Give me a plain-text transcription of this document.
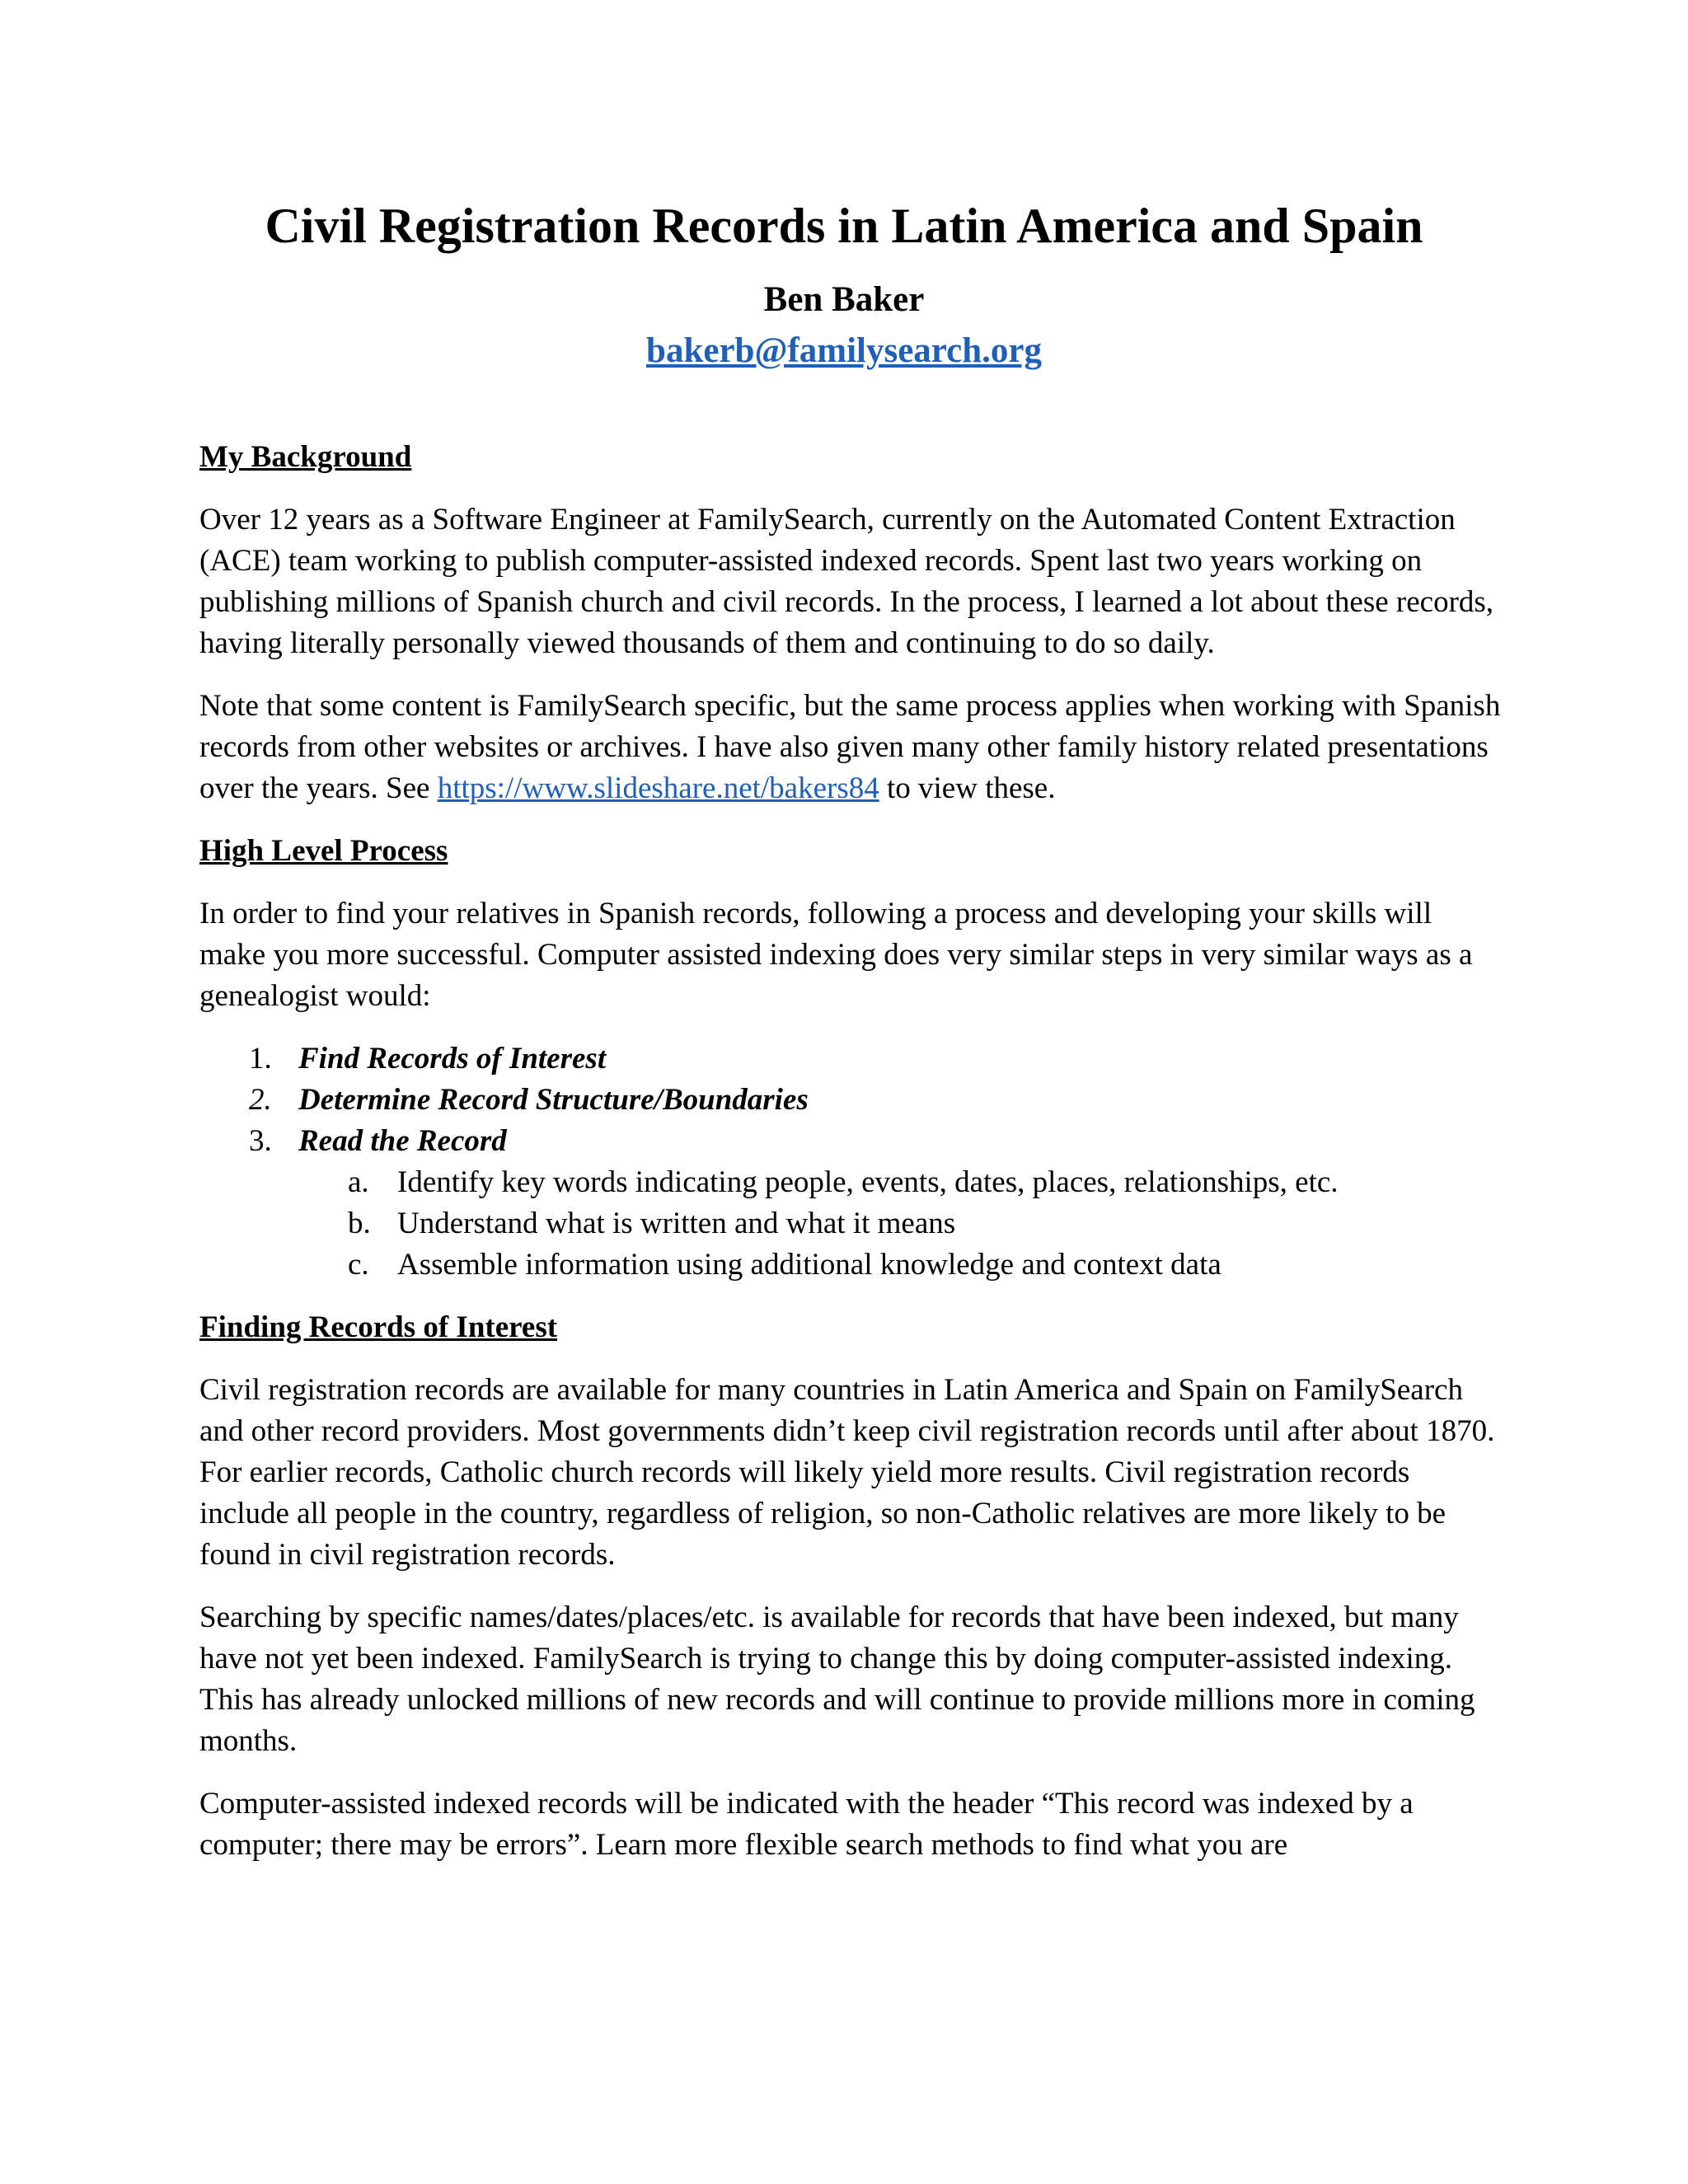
Civil Registration Records in Latin America and Spain
Ben Baker
bakerb@familysearch.org
My Background

Over 12 years as a Software Engineer at FamilySearch, currently on the Automated Content Extraction (ACE) team working to publish computer-assisted indexed records. Spent last two years working on publishing millions of Spanish church and civil records. In the process, I learned a lot about these records, having literally personally viewed thousands of them and continuing to do so daily.

Note that some content is FamilySearch specific, but the same process applies when working with Spanish records from other websites or archives. I have also given many other family history related presentations over the years. See https://www.slideshare.net/bakers84 to view these.

High Level Process

In order to find your relatives in Spanish records, following a process and developing your skills will make you more successful. Computer assisted indexing does very similar steps in very similar ways as a genealogist would:

1. Find Records of Interest
2. Determine Record Structure/Boundaries
3. Read the Record
a. Identify key words indicating people, events, dates, places, relationships, etc.
b. Understand what is written and what it means
c. Assemble information using additional knowledge and context data
Finding Records of Interest

Civil registration records are available for many countries in Latin America and Spain on FamilySearch and other record providers. Most governments didn’t keep civil registration records until after about 1870. For earlier records, Catholic church records will likely yield more results. Civil registration records include all people in the country, regardless of religion, so non-Catholic relatives are more likely to be found in civil registration records.

Searching by specific names/dates/places/etc. is available for records that have been indexed, but many have not yet been indexed. FamilySearch is trying to change this by doing computer-assisted indexing. This has already unlocked millions of new records and will continue to provide millions more in coming months.

Computer-assisted indexed records will be indicated with the header “This record was indexed by a computer; there may be errors”. Learn more flexible search methods to find what you are
